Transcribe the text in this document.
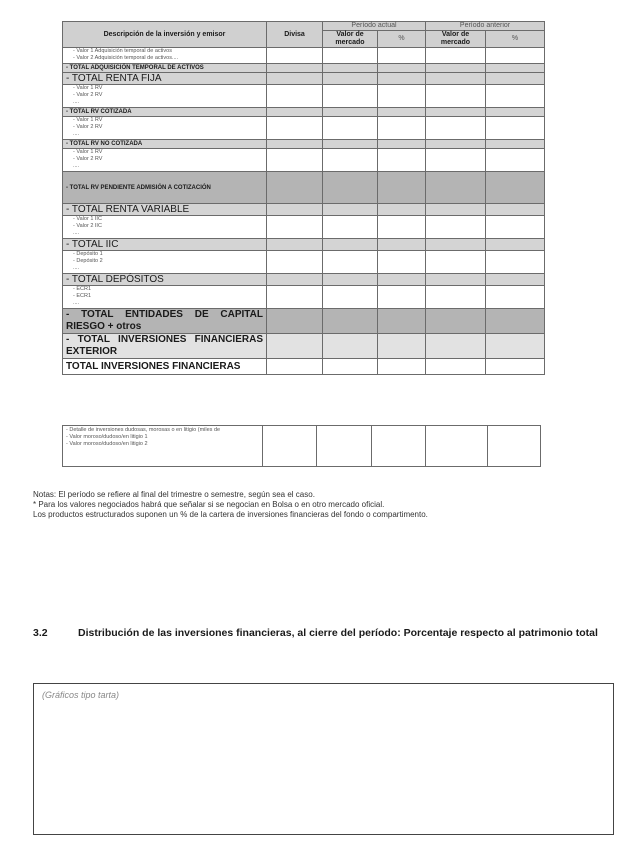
Descripción de la inversión y emisor	Divisa	Período actual		Período anterior	
		Valor de mercado	%	Valor de mercado	%

- Valor 1 Adquisición temporal de activos
- Valor 2 Adquisición temporal de activos....					

- TOTAL ADQUISICIÓN TEMPORAL DE ACTIVOS					
- TOTAL RENTA FIJA					

- Valor 1 RV
- Valor 2 RV
....					

- TOTAL RV COTIZADA					

- Valor 1 RV
- Valor 2 RV
....					

- TOTAL RV NO COTIZADA					

- Valor 1 RV
- Valor 2 RV
....					

- TOTAL RV PENDIENTE ADMISIÓN A COTIZACIÓN					
- TOTAL RENTA VARIABLE					

- Valor 1 IIC
- Valor 2 IIC
....					

- TOTAL IIC					

- Depósito 1
- Depósito 2
....					

- TOTAL DEPÓSITOS					

- ECR1
- ECR1
....					

- TOTAL ENTIDADES DE CAPITAL RIESGO + otros					
- TOTAL INVERSIONES FINANCIERAS EXTERIOR					
TOTAL INVERSIONES FINANCIERAS					
- Detalle de inversiones dudosas, morosas o en litigio (miles de
- Valor moroso/dudoso/en litigio 1
- Valor moroso/dudoso/en litigio 2

Notas: El período se refiere al final del trimestre o semestre, según sea el caso.
* Para los valores negociados habrá que señalar si se negocian en Bolsa o en otro mercado oficial.
Los productos estructurados suponen un % de la cartera de inversiones financieras del fondo o compartimento.
3.2	Distribución de las inversiones financieras, al cierre del período: Porcentaje respecto al patrimonio total
(Gráficos tipo tarta)
